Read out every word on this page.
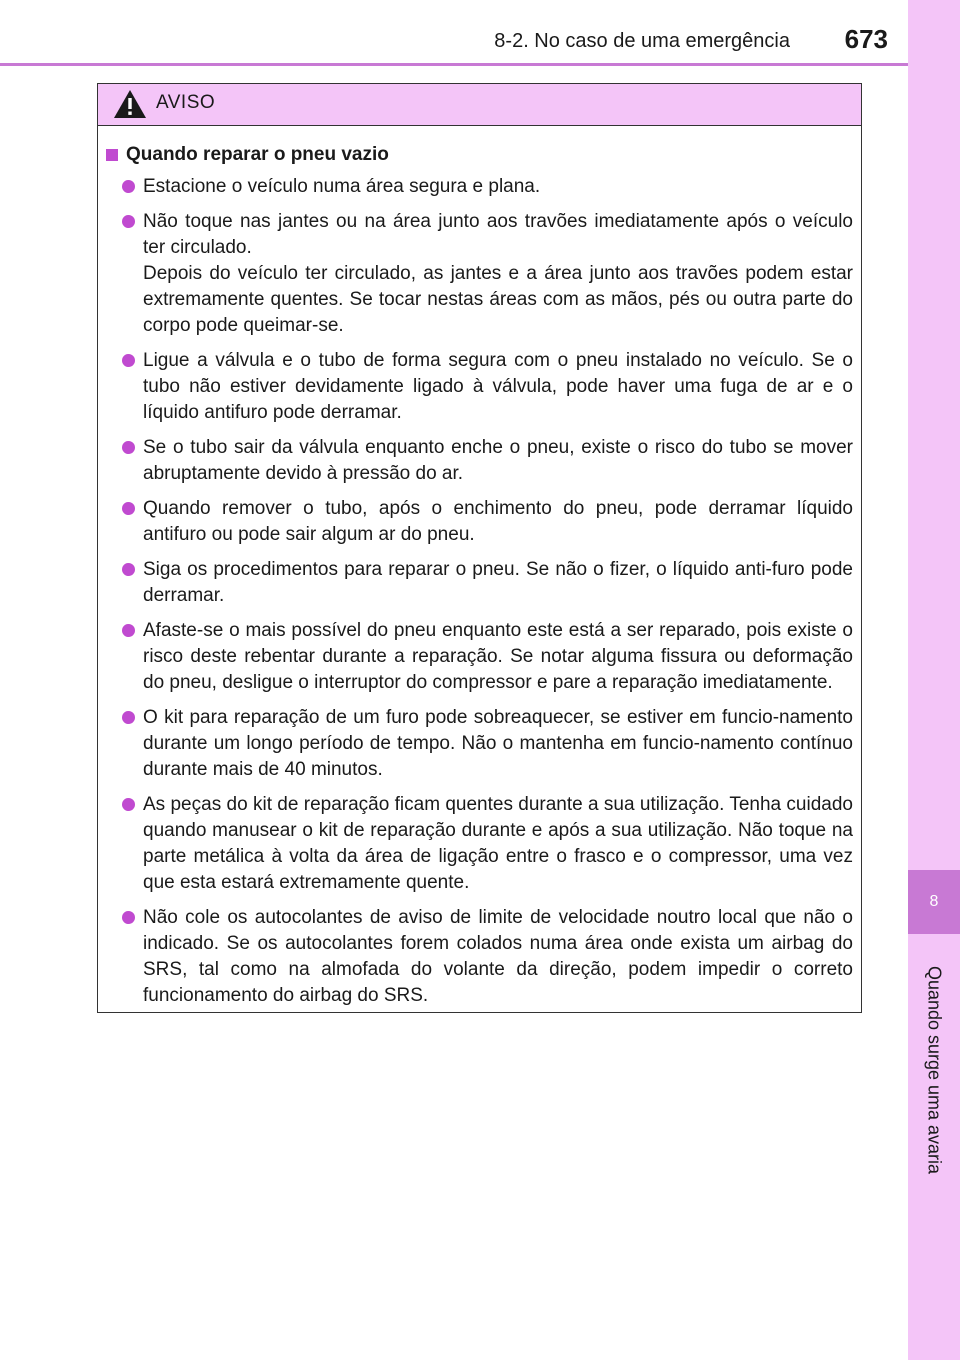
8-2. No caso de uma emergência 673
8
Quando surge uma avaria
AVISO
Quando reparar o pneu vazio
Estacione o veículo numa área segura e plana.
Não toque nas jantes ou na área junto aos travões imediatamente após o veículo ter circulado.
Depois do veículo ter circulado, as jantes e a área junto aos travões podem estar extremamente quentes. Se tocar nestas áreas com as mãos, pés ou outra parte do corpo pode queimar-se.
Ligue a válvula e o tubo de forma segura com o pneu instalado no veículo. Se o tubo não estiver devidamente ligado à válvula, pode haver uma fuga de ar e o líquido antifuro pode derramar.
Se o tubo sair da válvula enquanto enche o pneu, existe o risco do tubo se mover abruptamente devido à pressão do ar.
Quando remover o tubo, após o enchimento do pneu, pode derramar líquido antifuro ou pode sair algum ar do pneu.
Siga os procedimentos para reparar o pneu. Se não o fizer, o líquido anti-furo pode derramar.
Afaste-se o mais possível do pneu enquanto este está a ser reparado, pois existe o risco deste rebentar durante a reparação. Se notar alguma fissura ou deformação do pneu, desligue o interruptor do compressor e pare a reparação imediatamente.
O kit para reparação de um furo pode sobreaquecer, se estiver em funcio-namento durante um longo período de tempo. Não o mantenha em funcio-namento contínuo durante mais de 40 minutos.
As peças do kit de reparação ficam quentes durante a sua utilização. Tenha cuidado quando manusear o kit de reparação durante e após a sua utilização. Não toque na parte metálica à volta da área de ligação entre o frasco e o compressor, uma vez que esta estará extremamente quente.
Não cole os autocolantes de aviso de limite de velocidade noutro local que não o indicado. Se os autocolantes forem colados numa área onde exista um airbag do SRS, tal como na almofada do volante da direção, podem impedir o correto funcionamento do airbag do SRS.
